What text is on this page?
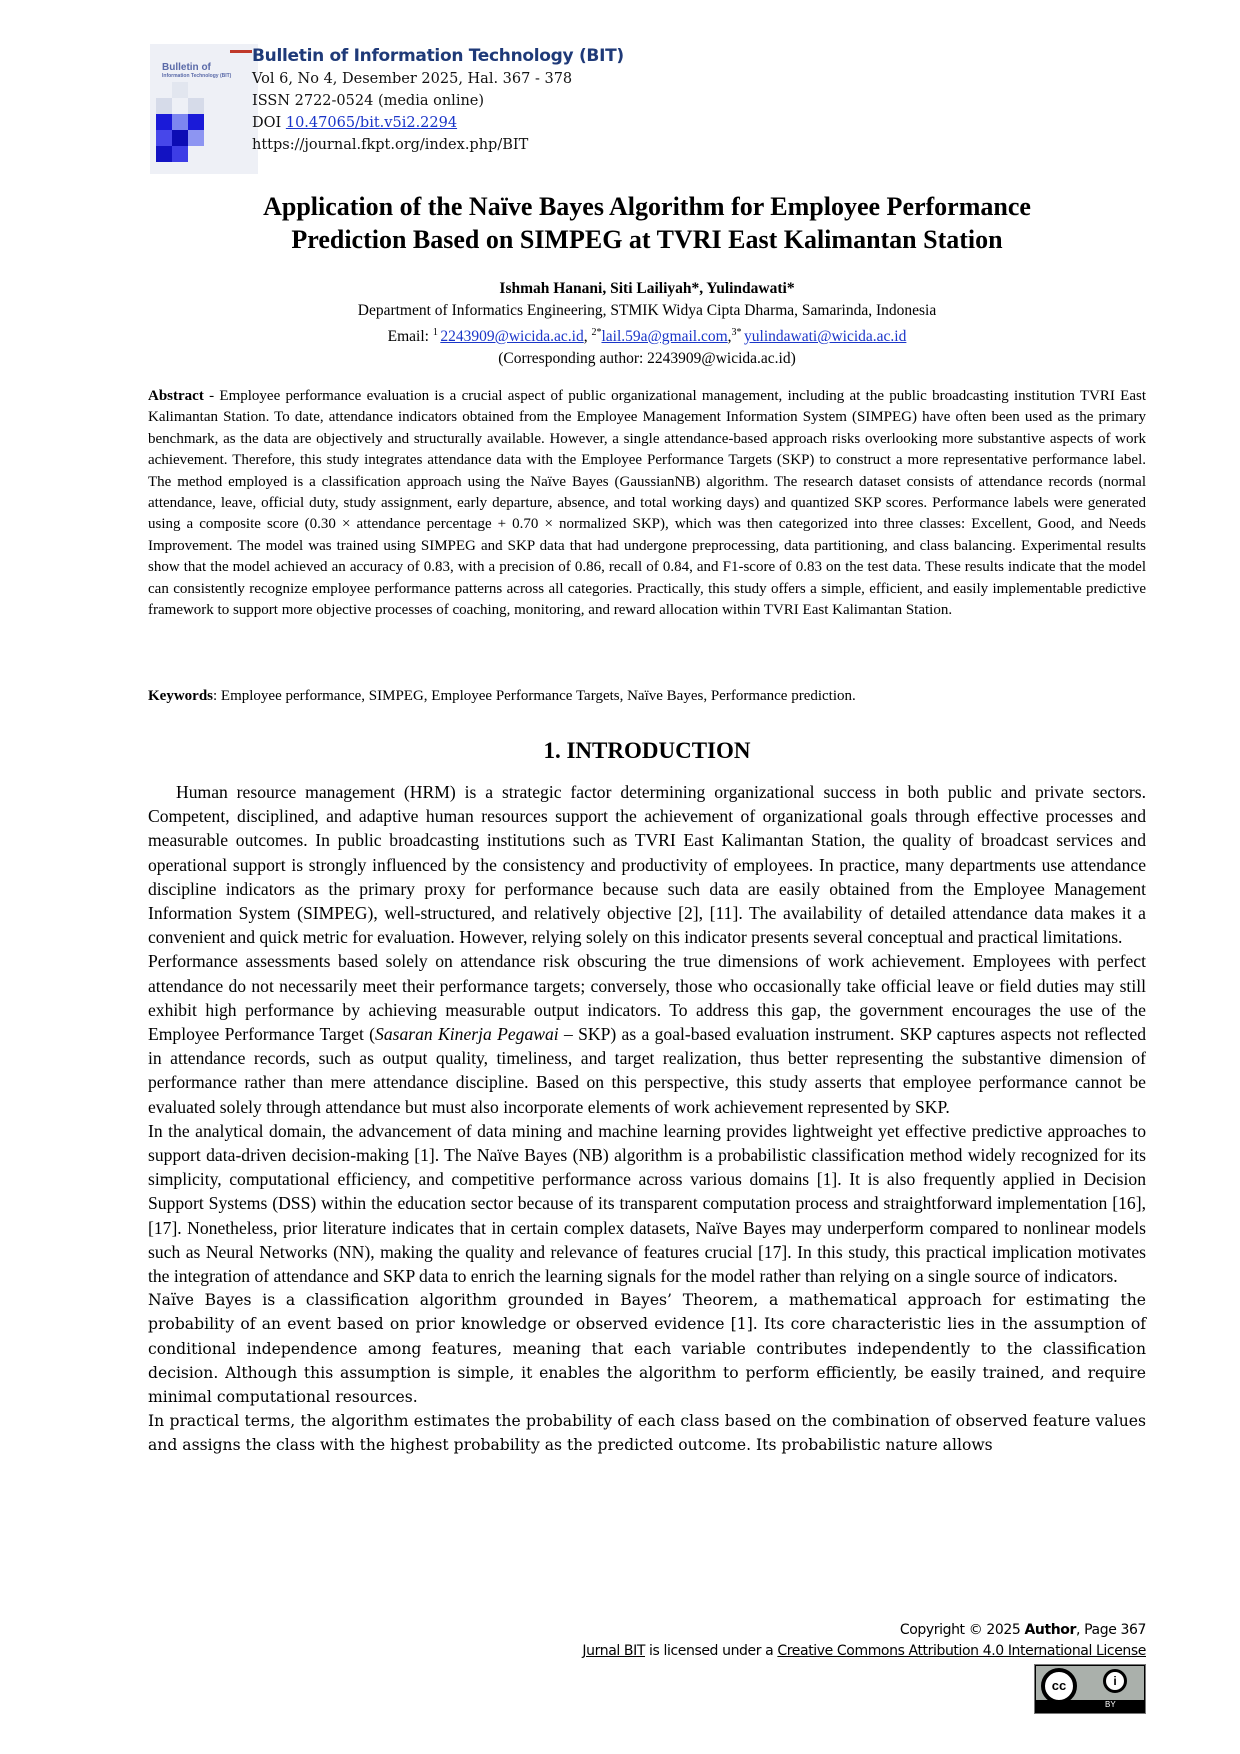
Bulletin of
Information Technology (BIT)
Bulletin of Information Technology (BIT)
Vol 6, No 4, Desember 2025, Hal. 367 - 378
ISSN 2722-0524 (media online)
DOI 10.47065/bit.v5i2.2294
https://journal.fkpt.org/index.php/BIT
Application of the Naïve Bayes Algorithm for Employee Performance
Prediction Based on SIMPEG at TVRI East Kalimantan Station
Ishmah Hanani, Siti Lailiyah*, Yulindawati*
Department of Informatics Engineering, STMIK Widya Cipta Dharma, Samarinda, Indonesia
Email: $^1$ 2243909@wicida.ac.id, $^{2*}$lail.59a@gmail.com,$^{3*}$ yulindawati@wicida.ac.id
(Corresponding author: 2243909@wicida.ac.id)
Abstract - Employee performance evaluation is a crucial aspect of public organizational management, including at the public broadcasting institution TVRI East Kalimantan Station. To date, attendance indicators obtained from the Employee Management Information System (SIMPEG) have often been used as the primary benchmark, as the data are objectively and structurally available. However, a single attendance-based approach risks overlooking more substantive aspects of work achievement. Therefore, this study integrates attendance data with the Employee Performance Targets (SKP) to construct a more representative performance label. The method employed is a classification approach using the Naïve Bayes (GaussianNB) algorithm. The research dataset consists of attendance records (normal attendance, leave, official duty, study assignment, early departure, absence, and total working days) and quantized SKP scores. Performance labels were generated using a composite score (0.30 × attendance percentage + 0.70 × normalized SKP), which was then categorized into three classes: Excellent, Good, and Needs Improvement. The model was trained using SIMPEG and SKP data that had undergone preprocessing, data partitioning, and class balancing. Experimental results show that the model achieved an accuracy of 0.83, with a precision of 0.86, recall of 0.84, and F1-score of 0.83 on the test data. These results indicate that the model can consistently recognize employee performance patterns across all categories. Practically, this study offers a simple, efficient, and easily implementable predictive framework to support more objective processes of coaching, monitoring, and reward allocation within TVRI East Kalimantan Station.
Keywords: Employee performance, SIMPEG, Employee Performance Targets, Naïve Bayes, Performance prediction.
1. INTRODUCTION

Human resource management (HRM) is a strategic factor determining organizational success in both public and private sectors. Competent, disciplined, and adaptive human resources support the achievement of organizational goals through effective processes and measurable outcomes. In public broadcasting institutions such as TVRI East Kalimantan Station, the quality of broadcast services and operational support is strongly influenced by the consistency and productivity of employees. In practice, many departments use attendance discipline indicators as the primary proxy for performance because such data are easily obtained from the Employee Management Information System (SIMPEG), well-structured, and relatively objective [2], [11]. The availability of detailed attendance data makes it a convenient and quick metric for evaluation. However, relying solely on this indicator presents several conceptual and practical limitations.

Performance assessments based solely on attendance risk obscuring the true dimensions of work achievement. Employees with perfect attendance do not necessarily meet their performance targets; conversely, those who occasionally take official leave or field duties may still exhibit high performance by achieving measurable output indicators. To address this gap, the government encourages the use of the Employee Performance Target (Sasaran Kinerja Pegawai – SKP) as a goal-based evaluation instrument. SKP captures aspects not reflected in attendance records, such as output quality, timeliness, and target realization, thus better representing the substantive dimension of performance rather than mere attendance discipline. Based on this perspective, this study asserts that employee performance cannot be evaluated solely through attendance but must also incorporate elements of work achievement represented by SKP.

In the analytical domain, the advancement of data mining and machine learning provides lightweight yet effective predictive approaches to support data-driven decision-making [1]. The Naïve Bayes (NB) algorithm is a probabilistic classification method widely recognized for its simplicity, computational efficiency, and competitive performance across various domains [1]. It is also frequently applied in Decision Support Systems (DSS) within the education sector because of its transparent computation process and straightforward implementation [16], [17]. Nonetheless, prior literature indicates that in certain complex datasets, Naïve Bayes may underperform compared to nonlinear models such as Neural Networks (NN), making the quality and relevance of features crucial [17]. In this study, this practical implication motivates the integration of attendance and SKP data to enrich the learning signals for the model rather than relying on a single source of indicators.

Naïve Bayes is a classification algorithm grounded in Bayes’ Theorem, a mathematical approach for estimating the probability of an event based on prior knowledge or observed evidence [1]. Its core characteristic lies in the assumption of conditional independence among features, meaning that each variable contributes independently to the classification decision. Although this assumption is simple, it enables the algorithm to perform efficiently, be easily trained, and require minimal computational resources.

In practical terms, the algorithm estimates the probability of each class based on the combination of observed feature values and assigns the class with the highest probability as the predicted outcome. Its probabilistic nature allows

Copyright © 2025 Author, Page 367
Jurnal BIT is licensed under a Creative Commons Attribution 4.0 International License
cc	i
BY
